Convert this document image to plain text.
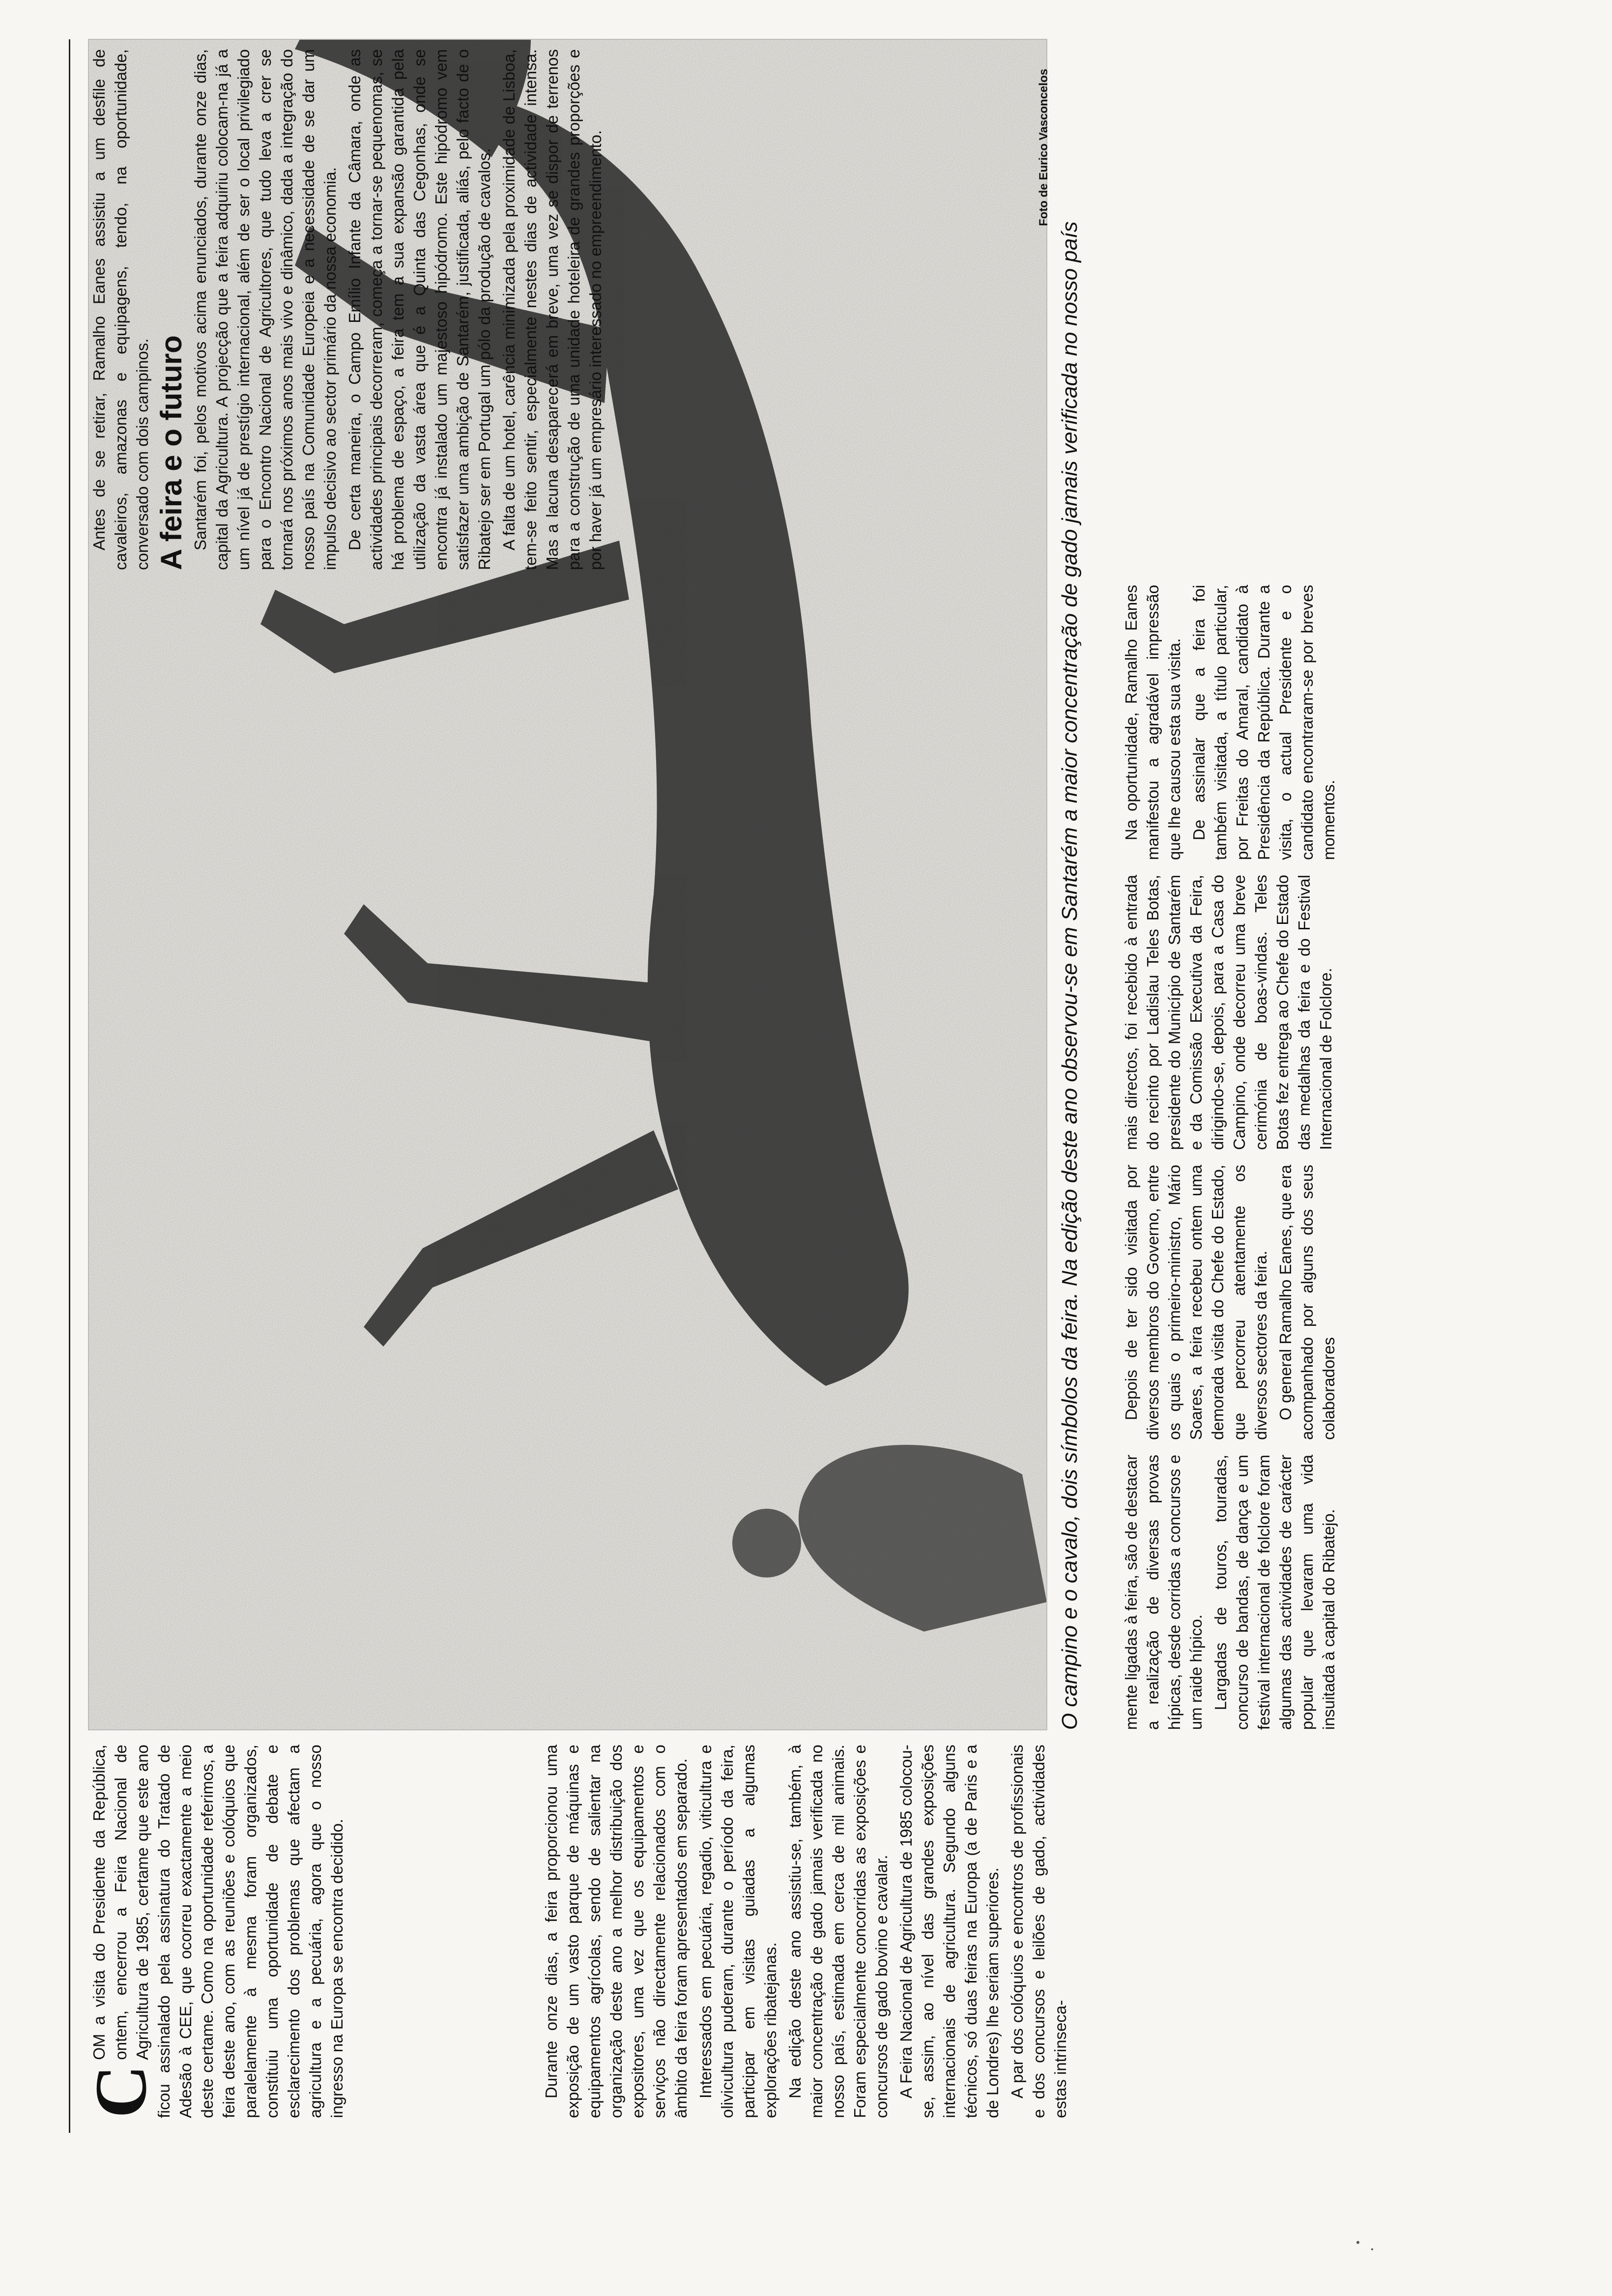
C
OM a visita do Presidente da República, ontem, encerrou a Feira Nacional de Agricultura de 1985, certame que este ano ficou assinalado pela assinatura do Tratado de Adesão à CEE, que ocorreu exactamente a meio deste certame. Como na oportunidade referimos, a feira deste ano, com as reuniões e colóquios que paralelamente à mesma foram organizados, constituiu uma oportunidade de debate e esclarecimento dos problemas que afectam a agricultura e a pecuária, agora que o nosso ingresso na Europa se encontra decidido.	Durante onze dias, a feira proporcionou uma exposição de um vasto parque de máquinas e equipamentos agrícolas, sendo de salientar na organização deste ano a melhor distribuição dos expositores, uma vez que os equipamentos e serviços não directamente relacionados com o âmbito da feira foram apresentados em separado. Interessados em pecuária, regadio, viticultura e olivicultura puderam, durante o período da feira, participar em visitas guiadas a algumas explorações ribatejanas. Na edição deste ano assistiu-se, também, à maior concentração de gado jamais verificada no nosso país, estimada em cerca de mil animais. Foram especialmente concorridas as exposições e concursos de gado bovino e cavalar. A Feira Nacional de Agricultura de 1985 colocou-se, assim, ao nível das grandes exposições internacionais de agricultura. Segundo alguns técnicos, só duas feiras na Europa (a de Paris e a de Londres) lhe seriam superiores. A par dos colóquios e encontros de profissionais e dos concursos e leilões de gado, actividades estas intrinseca-

Foto de Eurico Vasconcelos
O campino e o cavalo, dois símbolos da feira. Na edição deste ano observou-se em Santarém a maior concentração de gado jamais verificada no nosso país	mente ligadas à feira, são de destacar a realização de diversas provas hípicas, desde corridas a concursos e um raide hípico. Largadas de touros, touradas, concurso de bandas, de dança e um festival internacional de folclore foram algumas das actividades de carácter popular que levaram uma vida insuitada à capital do Ribatejo.

Depois de ter sido visitada por diversos membros do Governo, entre os quais o primeiro-ministro, Mário Soares, a feira recebeu ontem uma demorada visita do Chefe do Estado, que percorreu atentamente os diversos sectores da feira. O general Ramalho Eanes, que era acompanhado por alguns dos seus colaboradores

mais directos, foi recebido à entrada do recinto por Ladislau Teles Botas, presidente do Município de Santarém e da Comissão Executiva da Feira, dirigindo-se, depois, para a Casa do Campino, onde decorreu uma breve cerimónia de boas-vindas. Teles Botas fez entrega ao Chefe do Estado das medalhas da feira e do Festival Internacional de Folclore.

Na oportunidade, Ramalho Eanes manifestou a agradável impressão que lhe causou esta sua visita. De assinalar que a feira foi também visitada, a título particular, por Freitas do Amaral, candidato à Presidência da República. Durante a visita, o actual Presidente e o candidato encontraram-se por breves momentos.

Antes de se retirar, Ramalho Eanes assistiu a um desfile de cavaleiros, amazonas e equipagens, tendo, na oportunidade, conversado com dois campinos. A feira e o futuro Santarém foi, pelos motivos acima enunciados, durante onze dias, capital da Agricultura. A projecção que a feira adquiriu colocam-na já a um nível já de prestígio internacional, além de ser o local privilegiado para o Encontro Nacional de Agricultores, que tudo leva a crer se tornará nos próximos anos mais vivo e dinâmico, dada a integração do nosso país na Comunidade Europeia e a necessidade de se dar um impulso decisivo ao sector primário da nossa economia. De certa maneira, o Campo Emílio Infante da Câmara, onde as actividades principais decorreram, começa a tornar-se pequenomas, se há problema de espaço, a feira tem a sua expansão garantida pela utilização da vasta área que é a Quinta das Cegonhas, onde se encontra já instalado um majestoso hipódromo. Este hipódromo vem satisfazer uma ambição de Santarém, justificada, aliás, pelo facto de o Ribatejo ser em Portugal um pólo da produção de cavalos. A falta de um hotel, carência minimizada pela proximidade de Lisboa, tem-se feito sentir, especialmente nestes dias de actividade intensa. Mas a lacuna desaparecerá em breve, uma vez se dispor de terrenos para a construção de uma unidade hoteleira de grandes proporções e por haver já um empresário interessado no empreendimento.
